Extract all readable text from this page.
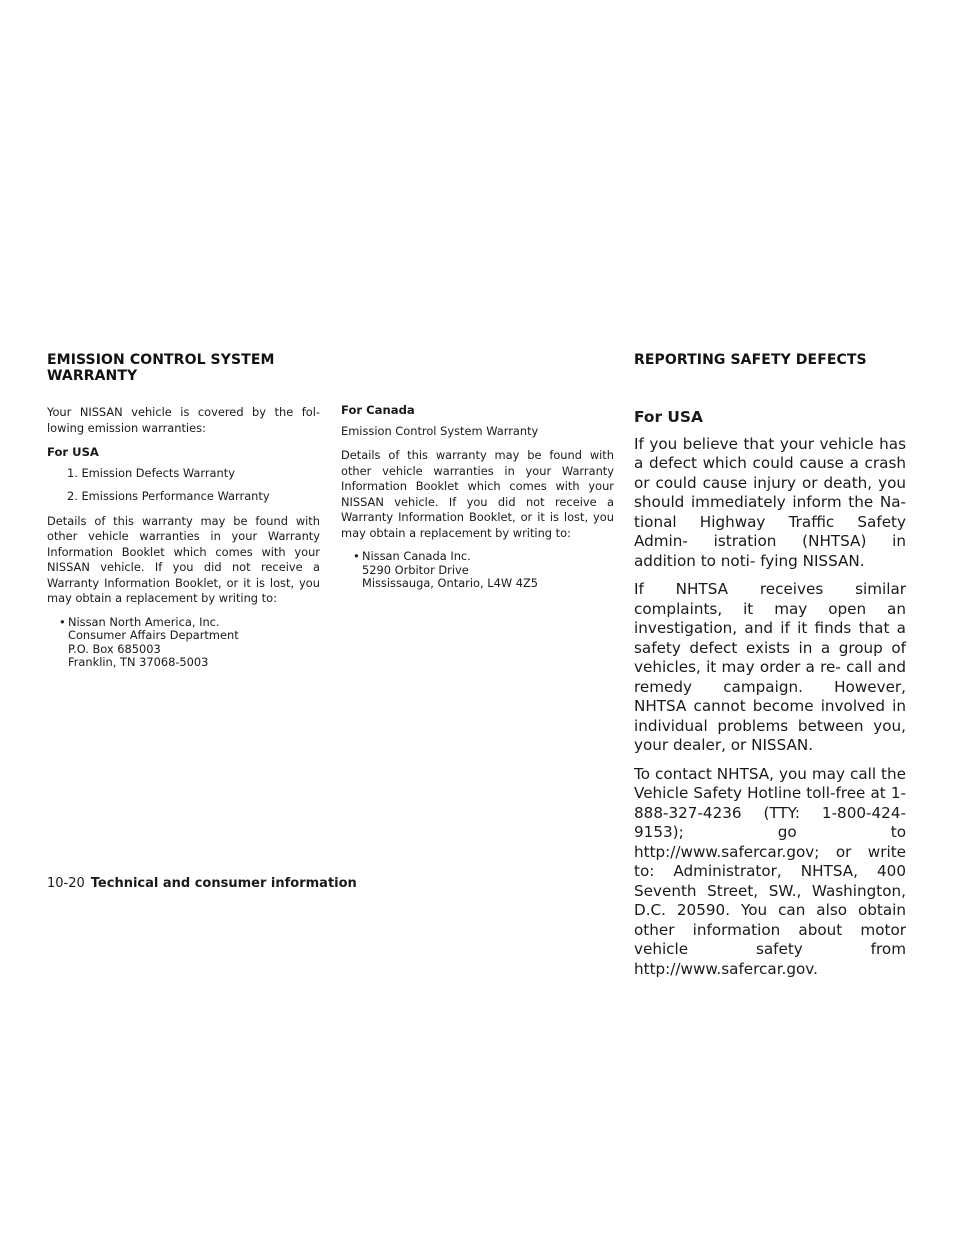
EMISSION CONTROL SYSTEM
WARRANTY

Your NISSAN vehicle is covered by the fol- lowing emission warranties:

For USA

1. Emission Defects Warranty
2. Emissions Performance Warranty

Details of this warranty may be found with other vehicle warranties in your Warranty Information Booklet which comes with your NISSAN vehicle. If you did not receive a Warranty Information Booklet, or it is lost, you may obtain a replacement by writing to:

• Nissan North America, Inc.
Consumer Affairs Department
P.O. Box 685003
Franklin, TN 37068-5003

For Canada

Emission Control System Warranty

Details of this warranty may be found with other vehicle warranties in your Warranty Information Booklet which comes with your NISSAN vehicle. If you did not receive a Warranty Information Booklet, or it is lost, you may obtain a replacement by writing to:

• Nissan Canada Inc.
5290 Orbitor Drive
Mississauga, Ontario, L4W 4Z5
REPORTING SAFETY DEFECTS

For USA

If you believe that your vehicle has a defect which could cause a crash or could cause injury or death, you should immediately inform the Na- tional Highway Traffic Safety Admin- istration (NHTSA) in addition to noti- fying NISSAN.

If NHTSA receives similar complaints, it may open an investigation, and if it finds that a safety defect exists in a group of vehicles, it may order a re- call and remedy campaign. However, NHTSA cannot become involved in individual problems between you, your dealer, or NISSAN.

To contact NHTSA, you may call the Vehicle Safety Hotline toll-free at 1-888-327-4236 (TTY: 1-800-424-9153); go to http://www.safercar.gov; or write to: Administrator, NHTSA, 400 Seventh Street, SW., Washington, D.C. 20590. You can also obtain other information about motor vehicle safety from http://www.safercar.gov.

10-20 Technical and consumer information
